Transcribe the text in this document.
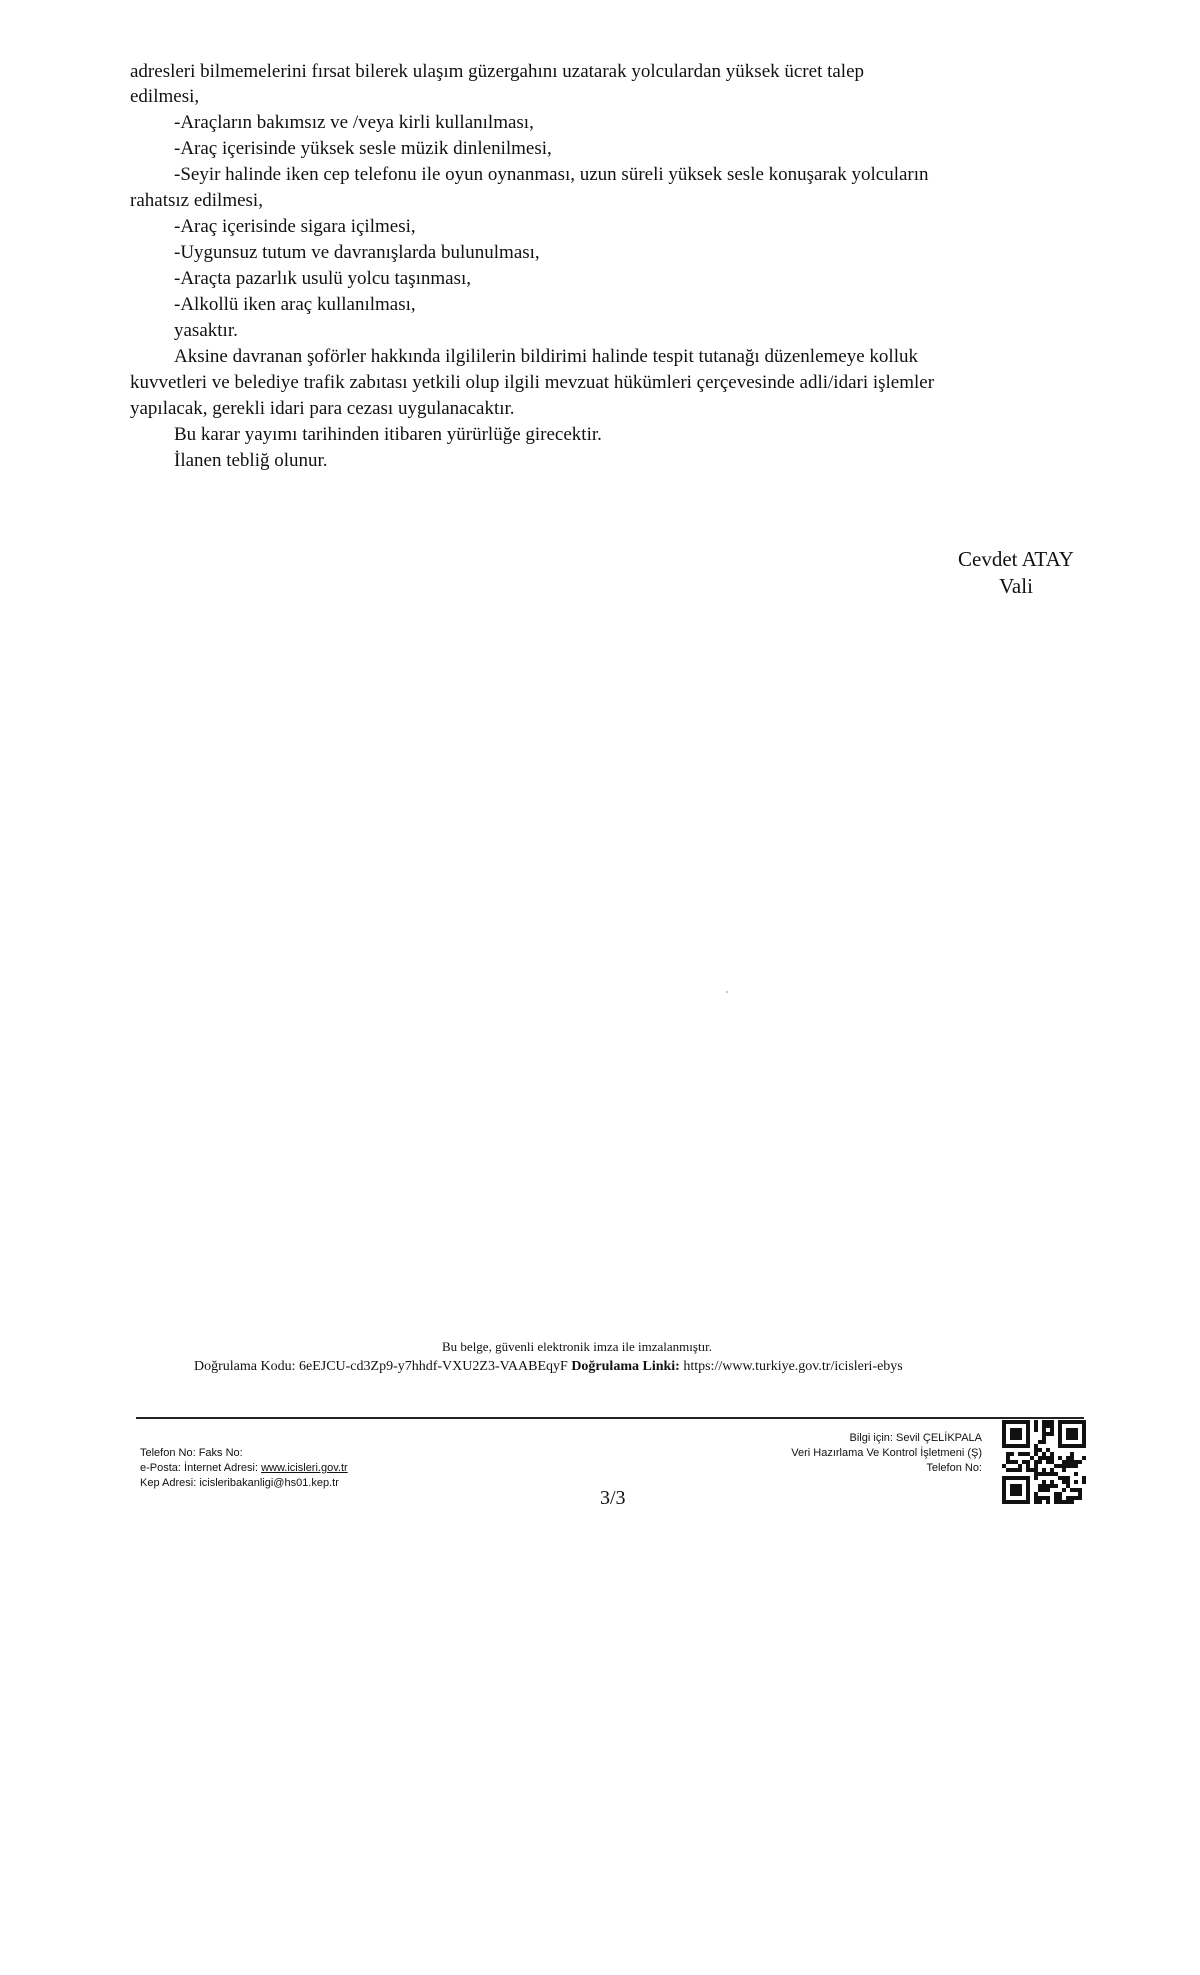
adresleri bilmemelerini fırsat bilerek ulaşım güzergahını uzatarak yolculardan yüksek ücret talep
edilmesi,
-Araçların bakımsız ve /veya kirli kullanılması,
-Araç içerisinde yüksek sesle müzik dinlenilmesi,
-Seyir halinde iken cep telefonu ile oyun oynanması, uzun süreli yüksek sesle konuşarak yolcuların
rahatsız edilmesi,
-Araç içerisinde sigara içilmesi,
-Uygunsuz tutum ve davranışlarda bulunulması,
-Araçta pazarlık usulü yolcu taşınması,
-Alkollü iken araç kullanılması,
yasaktır.
Aksine davranan şoförler hakkında ilgililerin bildirimi halinde tespit tutanağı düzenlemeye kolluk
kuvvetleri ve belediye trafik zabıtası yetkili olup ilgili mevzuat hükümleri çerçevesinde adli/idari işlemler
yapılacak, gerekli idari para cezası uygulanacaktır.
Bu karar yayımı tarihinden itibaren yürürlüğe girecektir.
İlanen tebliğ olunur.
Cevdet ATAY
Vali
Bu belge, güvenli elektronik imza ile imzalanmıştır.
Doğrulama Kodu: 6eEJCU-cd3Zp9-y7hhdf-VXU2Z3-VAABEqyF Doğrulama Linki: https://www.turkiye.gov.tr/icisleri-ebys
Telefon No: Faks No:
e-Posta: İnternet Adresi: www.icisleri.gov.tr
Kep Adresi: icisleribakanligi@hs01.kep.tr
3/3
Bilgi için: Sevil ÇELİKPALA
Veri Hazırlama Ve Kontrol İşletmeni (Ş)
Telefon No:
